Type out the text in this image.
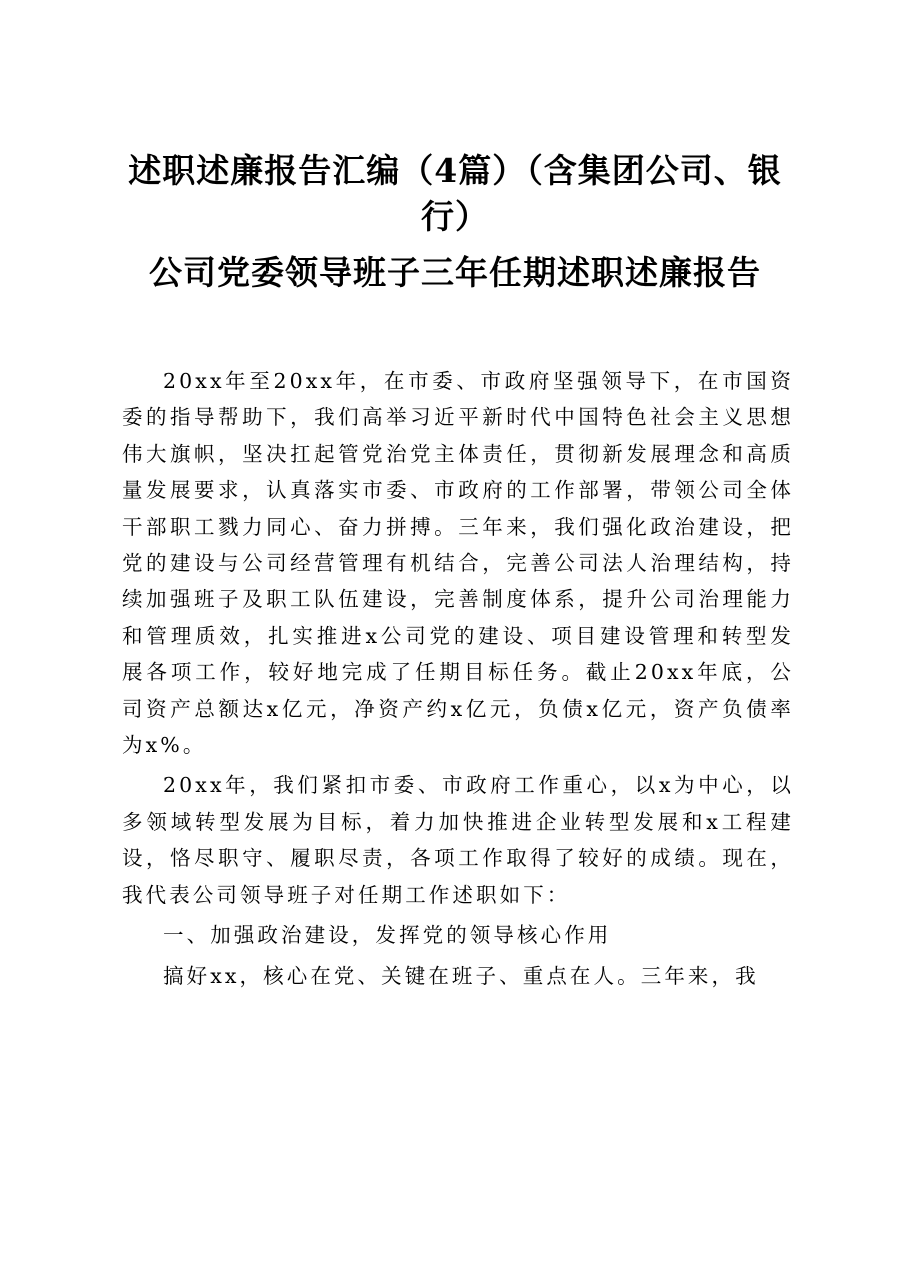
述职述廉报告汇编（4篇）（含集团公司、银行）
公司党委领导班子三年任期述职述廉报告

20xx年至20xx年，在市委、市政府坚强领导下，在市国资委的指导帮助下，我们高举习近平新时代中国特色社会主义思想伟大旗帜，坚决扛起管党治党主体责任，贯彻新发展理念和高质量发展要求，认真落实市委、市政府的工作部署，带领公司全体干部职工戮力同心、奋力拼搏。三年来，我们强化政治建设，把党的建设与公司经营管理有机结合，完善公司法人治理结构，持续加强班子及职工队伍建设，完善制度体系，提升公司治理能力和管理质效，扎实推进x公司党的建设、项目建设管理和转型发展各项工作，较好地完成了任期目标任务。截止20xx年底，公司资产总额达x亿元，净资产约x亿元，负债x亿元，资产负债率为x%。

20xx年，我们紧扣市委、市政府工作重心，以x为中心，以多领域转型发展为目标，着力加快推进企业转型发展和x工程建设，恪尽职守、履职尽责，各项工作取得了较好的成绩。现在，我代表公司领导班子对任期工作述职如下：

一、加强政治建设，发挥党的领导核心作用

搞好xx，核心在党、关键在班子、重点在人。三年来，我
